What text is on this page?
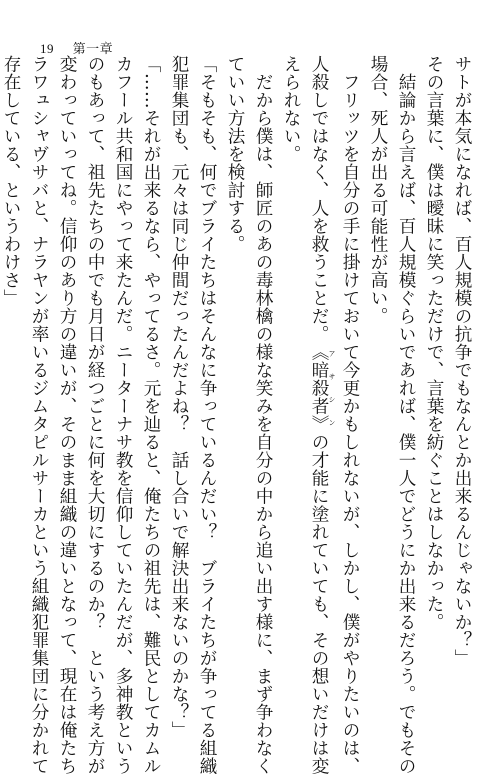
19 第一章
サトが本気になれば、百人規模の抗争でもなんとか出来るんじゃないか？」
その言葉に、僕は曖昧に笑っただけで、言葉を紡ぐことはしなかった。
結論から言えば、百人規模ぐらいであれば、僕一人でどうにか出来るだろう。でもその
場合、死人が出る可能性が高い。
フリッツを自分の手に掛けておいて今更かもしれないが、しかし、僕がやりたいのは、
人殺しではなく、人を救うことだ。《暗殺者》 アサシンの才能に塗れていても、その想いだけは変
えられない。
だから僕は、師匠のあの毒林檎の様な笑みを自分の中から追い出す様に、まず争わなく
ていい方法を検討する。
「そもそも、何でブライたちはそんなに争っているんだい？　ブライたちが争ってる組織
犯罪集団も、元々は同じ仲間だったんだよね？　話し合いで解決出来ないのかな？」
「……それが出来るなら、やってるさ。元を辿ると、俺たちの祖先は、難民としてカムル
カフール共和国にやって来たんだ。ニーターナサ教を信仰していたんだが、多神教という
のもあって、祖先たちの中でも月日が経つごとに何を大切にするのか？　という考え方が
変わっていってね。信仰のあり方の違いが、そのまま組織の違いとなって、現在は俺たち
ラワュシャヴサバと、ナラヤンが率いるジムタピルサーカという組織犯罪集団に分かれて
存在している、というわけさ」
